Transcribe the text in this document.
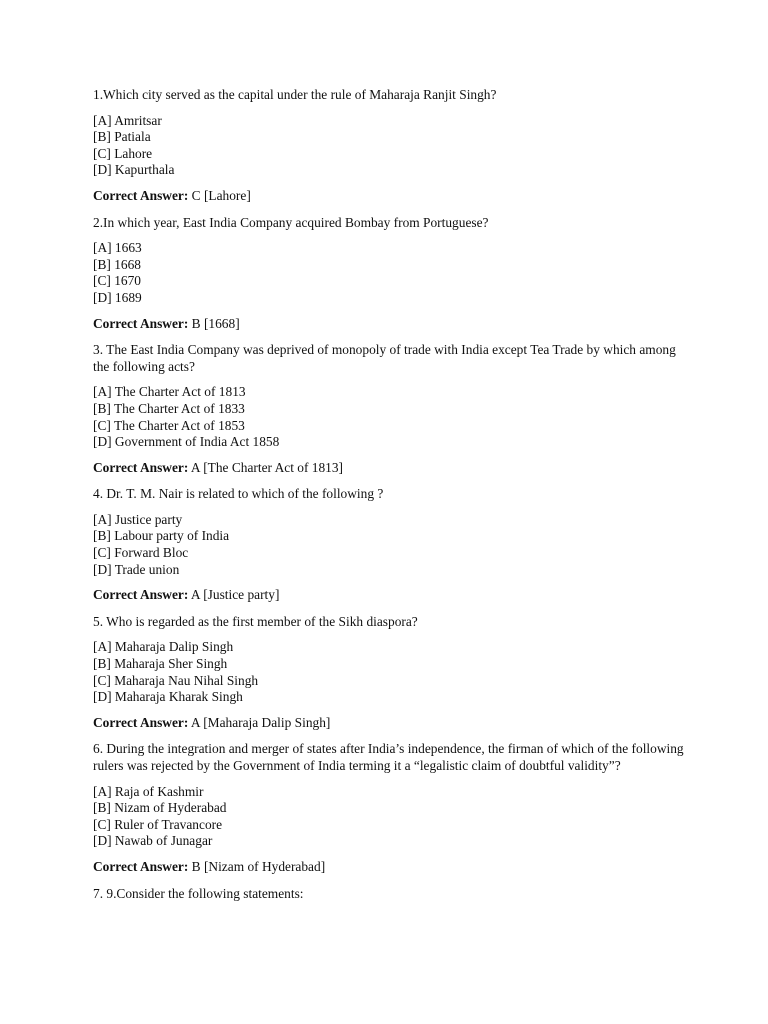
1.Which city served as the capital under the rule of Maharaja Ranjit Singh?
[A] Amritsar
[B] Patiala
[C] Lahore
[D] Kapurthala
Correct Answer: C [Lahore]
2.In which year, East India Company acquired Bombay from Portuguese?
[A] 1663
[B] 1668
[C] 1670
[D] 1689
Correct Answer: B [1668]
3. The East India Company was deprived of monopoly of trade with India except Tea Trade by which among the following acts?
[A] The Charter Act of 1813
[B] The Charter Act of 1833
[C] The Charter Act of 1853
[D] Government of India Act 1858
Correct Answer: A [The Charter Act of 1813]
4. Dr. T. M. Nair is related to which of the following ?
[A] Justice party
[B] Labour party of India
[C] Forward Bloc
[D] Trade union
Correct Answer: A [Justice party]
5. Who is regarded as the first member of the Sikh diaspora?
[A] Maharaja Dalip Singh
[B] Maharaja Sher Singh
[C] Maharaja Nau Nihal Singh
[D] Maharaja Kharak Singh
Correct Answer: A [Maharaja Dalip Singh]
6. During the integration and merger of states after India’s independence, the firman of which of the following rulers was rejected by the Government of India terming it a “legalistic claim of doubtful validity”?
[A] Raja of Kashmir
[B] Nizam of Hyderabad
[C] Ruler of Travancore
[D] Nawab of Junagar
Correct Answer: B [Nizam of Hyderabad]
7. 9.Consider the following statements:
